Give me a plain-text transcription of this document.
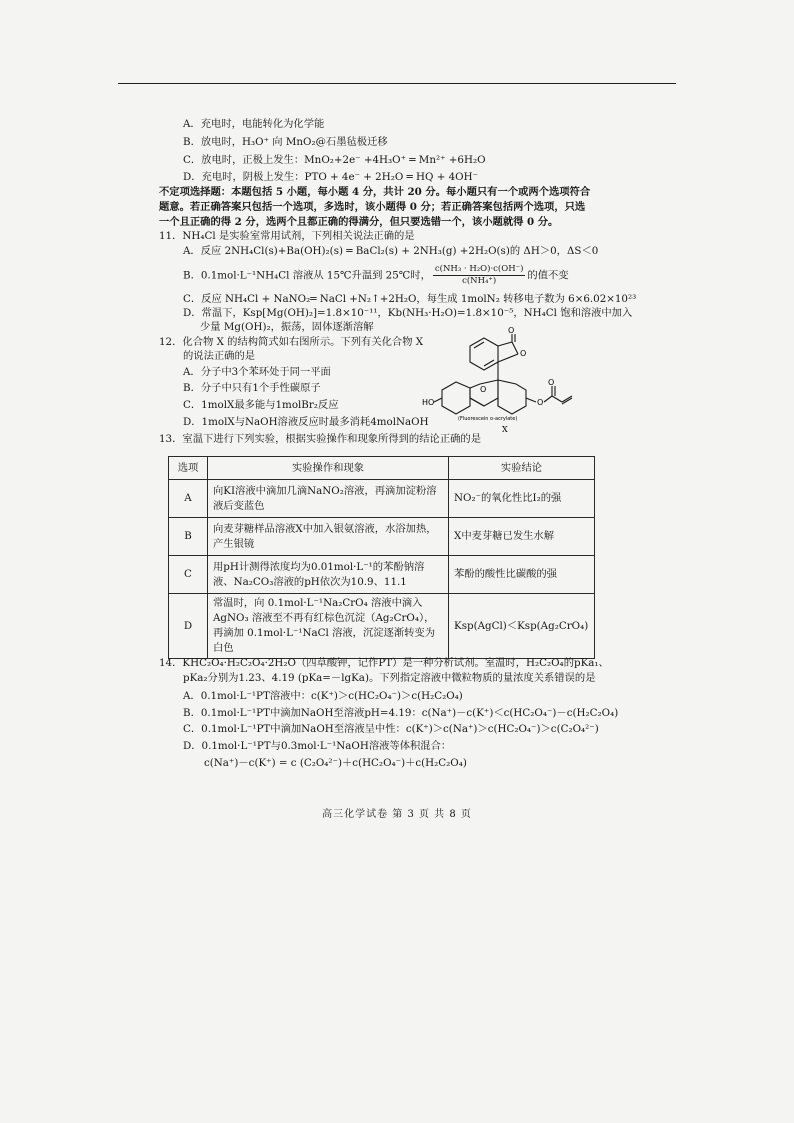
A．充电时，电能转化为化学能
B．放电时，H₃O⁺ 向 MnO₂@石墨毡极迁移
C．放电时，正极上发生：MnO₂+2e⁻ +4H₃O⁺ ═ Mn²⁺ +6H₂O
D．充电时，阴极上发生：PTO + 4e⁻ + 2H₂O ═ HQ + 4OH⁻
不定项选择题：本题包括 5 小题，每小题 4 分，共计 20 分。每小题只有一个或两个选项符合
题意。若正确答案只包括一个选项，多选时，该小题得 0 分；若正确答案包括两个选项，只选
一个且正确的得 2 分，选两个且都正确的得满分，但只要选错一个，该小题就得 0 分。
11．NH₄Cl 是实验室常用试剂，下列相关说法正确的是
A．反应 2NH₄Cl(s)+Ba(OH)₂(s) ═ BaCl₂(s) + 2NH₃(g) +2H₂O(s)的 ΔH＞0，ΔS＜0
B．0.1mol·L⁻¹NH₄Cl 溶液从 15℃升温到 25℃时， $\frac{\text{c(NH₃ · H₂O)·c(OH⁻)}}{\text{c(NH₄⁺)}}$ 的值不变
C．反应 NH₄Cl + NaNO₂═ NaCl +N₂↑+2H₂O，每生成 1molN₂ 转移电子数为 6×6.02×10²³
D．常温下，Ksp[Mg(OH)₂]=1.8×10⁻¹¹，Kb(NH₃·H₂O)=1.8×10⁻⁵，NH₄Cl 饱和溶液中加入
少量 Mg(OH)₂，振荡，固体逐渐溶解
12．化合物 X 的结构简式如右图所示。下列有关化合物 X
的说法正确的是
A．分子中3个苯环处于同一平面
B．分子中只有1个手性碳原子
C．1molX最多能与1molBr₂反应
D．1molX与NaOH溶液反应时最多消耗4molNaOH
O
O
O
O
O
HO
(Fluorescein o-acrylate)
X
13．室温下进行下列实验，根据实验操作和现象所得到的结论正确的是
选项	实验操作和现象	实验结论
A	向KI溶液中滴加几滴NaNO₂溶液，再滴加淀粉溶液后变蓝色	NO₂⁻的氧化性比I₂的强
B	向麦芽糖样品溶液X中加入银氨溶液，水浴加热，产生银镜	X中麦芽糖已发生水解
C	用pH计测得浓度均为0.01mol·L⁻¹的苯酚钠溶液、Na₂CO₃溶液的pH依次为10.9、11.1	苯酚的酸性比碳酸的强
D	常温时，向 0.1mol·L⁻¹Na₂CrO₄ 溶液中滴入 AgNO₃ 溶液至不再有红棕色沉淀（Ag₂CrO₄），再滴加 0.1mol·L⁻¹NaCl 溶液，沉淀逐渐转变为白色	Ksp(AgCl)＜Ksp(Ag₂CrO₄)
14．KHC₂O₄·H₂C₂O₄·2H₂O（四草酸钾，记作PT）是一种分析试剂。室温时，H₂C₂O₄的pKa₁、
pKa₂分别为1.23、4.19 (pKa=－lgKa)。下列指定溶液中微粒物质的量浓度关系错误的是
A．0.1mol·L⁻¹PT溶液中：c(K⁺)＞c(HC₂O₄⁻)＞c(H₂C₂O₄)
B．0.1mol·L⁻¹PT中滴加NaOH至溶液pH=4.19：c(Na⁺)－c(K⁺)＜c(HC₂O₄⁻)－c(H₂C₂O₄)
C．0.1mol·L⁻¹PT中滴加NaOH至溶液呈中性：c(K⁺)＞c(Na⁺)＞c(HC₂O₄⁻)＞c(C₂O₄²⁻)
D．0.1mol·L⁻¹PT与0.3mol·L⁻¹NaOH溶液等体积混合：
c(Na⁺)－c(K⁺) = c (C₂O₄²⁻)＋c(HC₂O₄⁻)＋c(H₂C₂O₄)
高三化学试卷 第 3 页 共 8 页
